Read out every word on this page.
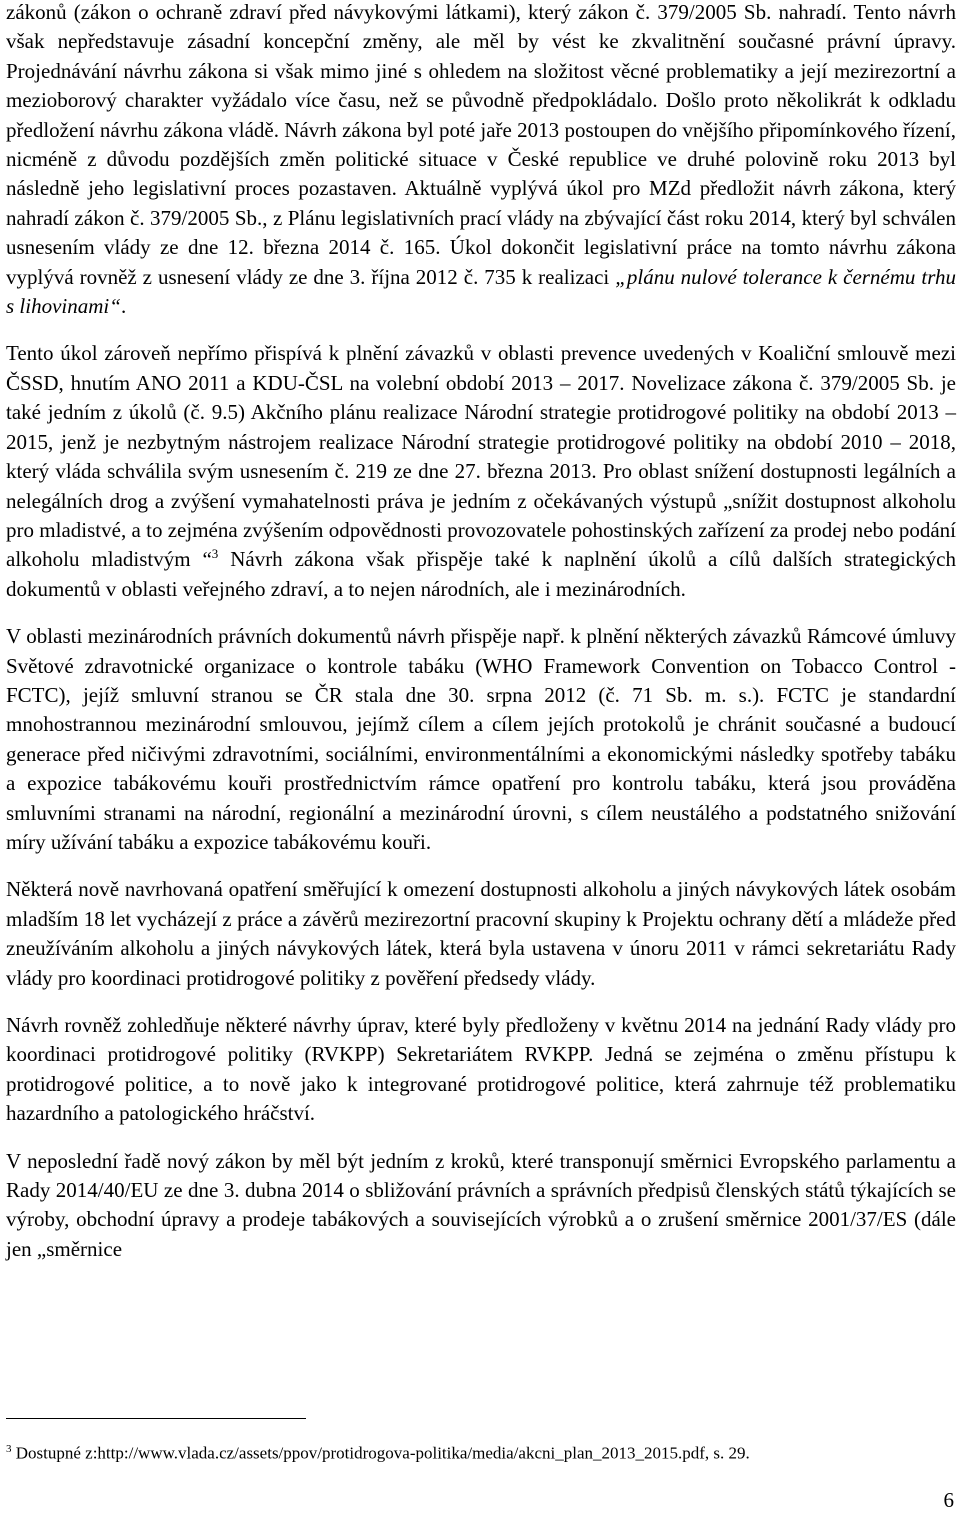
zákonů (zákon o ochraně zdraví před návykovými látkami), který zákon č. 379/2005 Sb. nahradí. Tento návrh však nepředstavuje zásadní koncepční změny, ale měl by vést ke zkvalitnění současné právní úpravy. Projednávání návrhu zákona si však mimo jiné s ohledem na složitost věcné problematiky a její mezirezortní a mezioborový charakter vyžádalo více času, než se původně předpokládalo. Došlo proto několikrát k odkladu předložení návrhu zákona vládě. Návrh zákona byl poté jaře 2013 postoupen do vnějšího připomínkového řízení, nicméně z důvodu pozdějších změn politické situace v České republice ve druhé polovině roku 2013 byl následně jeho legislativní proces pozastaven. Aktuálně vyplývá úkol pro MZd předložit návrh zákona, který nahradí zákon č. 379/2005 Sb., z Plánu legislativních prací vlády na zbývající část roku 2014, který byl schválen usnesením vlády ze dne 12. března 2014 č. 165. Úkol dokončit legislativní práce na tomto návrhu zákona vyplývá rovněž z usnesení vlády ze dne 3. října 2012 č. 735 k realizaci „plánu nulové tolerance k černému trhu s lihovinami“.

Tento úkol zároveň nepřímo přispívá k plnění závazků v oblasti prevence uvedených v Koaliční smlouvě mezi ČSSD, hnutím ANO 2011 a KDU-ČSL na volební období 2013 – 2017. Novelizace zákona č. 379/2005 Sb. je také jedním z úkolů (č. 9.5) Akčního plánu realizace Národní strategie protidrogové politiky na období 2013 – 2015, jenž je nezbytným nástrojem realizace Národní strategie protidrogové politiky na období 2010 – 2018, který vláda schválila svým usnesením č. 219 ze dne 27. března 2013. Pro oblast snížení dostupnosti legálních a nelegálních drog a zvýšení vymahatelnosti práva je jedním z očekávaných výstupů „snížit dostupnost alkoholu pro mladistvé, a to zejména zvýšením odpovědnosti provozovatele pohostinských zařízení za prodej nebo podání alkoholu mladistvým “$^3$ Návrh zákona však přispěje také k naplnění úkolů a cílů dalších strategických dokumentů v oblasti veřejného zdraví, a to nejen národních, ale i mezinárodních.

V oblasti mezinárodních právních dokumentů návrh přispěje např. k plnění některých závazků Rámcové úmluvy Světové zdravotnické organizace o kontrole tabáku (WHO Framework Convention on Tobacco Control - FCTC), jejíž smluvní stranou se ČR stala dne 30. srpna 2012 (č. 71 Sb. m. s.). FCTC je standardní mnohostrannou mezinárodní smlouvou, jejímž cílem a cílem jejích protokolů je chránit současné a budoucí generace před ničivými zdravotními, sociálními, environmentálními a ekonomickými následky spotřeby tabáku a expozice tabákovému kouři prostřednictvím rámce opatření pro kontrolu tabáku, která jsou prováděna smluvními stranami na národní, regionální a mezinárodní úrovni, s cílem neustálého a podstatného snižování míry užívání tabáku a expozice tabákovému kouři.

Některá nově navrhovaná opatření směřující k omezení dostupnosti alkoholu a jiných návykových látek osobám mladším 18 let vycházejí z práce a závěrů mezirezortní pracovní skupiny k Projektu ochrany dětí a mládeže před zneužíváním alkoholu a jiných návykových látek, která byla ustavena v únoru 2011 v rámci sekretariátu Rady vlády pro koordinaci protidrogové politiky z pověření předsedy vlády.

Návrh rovněž zohledňuje některé návrhy úprav, které byly předloženy v květnu 2014 na jednání Rady vlády pro koordinaci protidrogové politiky (RVKPP) Sekretariátem RVKPP. Jedná se zejména o změnu přístupu k protidrogové politice, a to nově jako k integrované protidrogové politice, která zahrnuje též problematiku hazardního a patologického hráčství.

V neposlední řadě nový zákon by měl být jedním z kroků, které transponují směrnici Evropského parlamentu a Rady 2014/40/EU ze dne 3. dubna 2014 o sbližování právních a správních předpisů členských států týkajících se výroby, obchodní úpravy a prodeje tabákových a souvisejících výrobků a o zrušení směrnice 2001/37/ES (dále jen „směrnice

$^3$ Dostupné z:http://www.vlada.cz/assets/ppov/protidrogova-politika/media/akcni_plan_2013_2015.pdf, s. 29.

6
